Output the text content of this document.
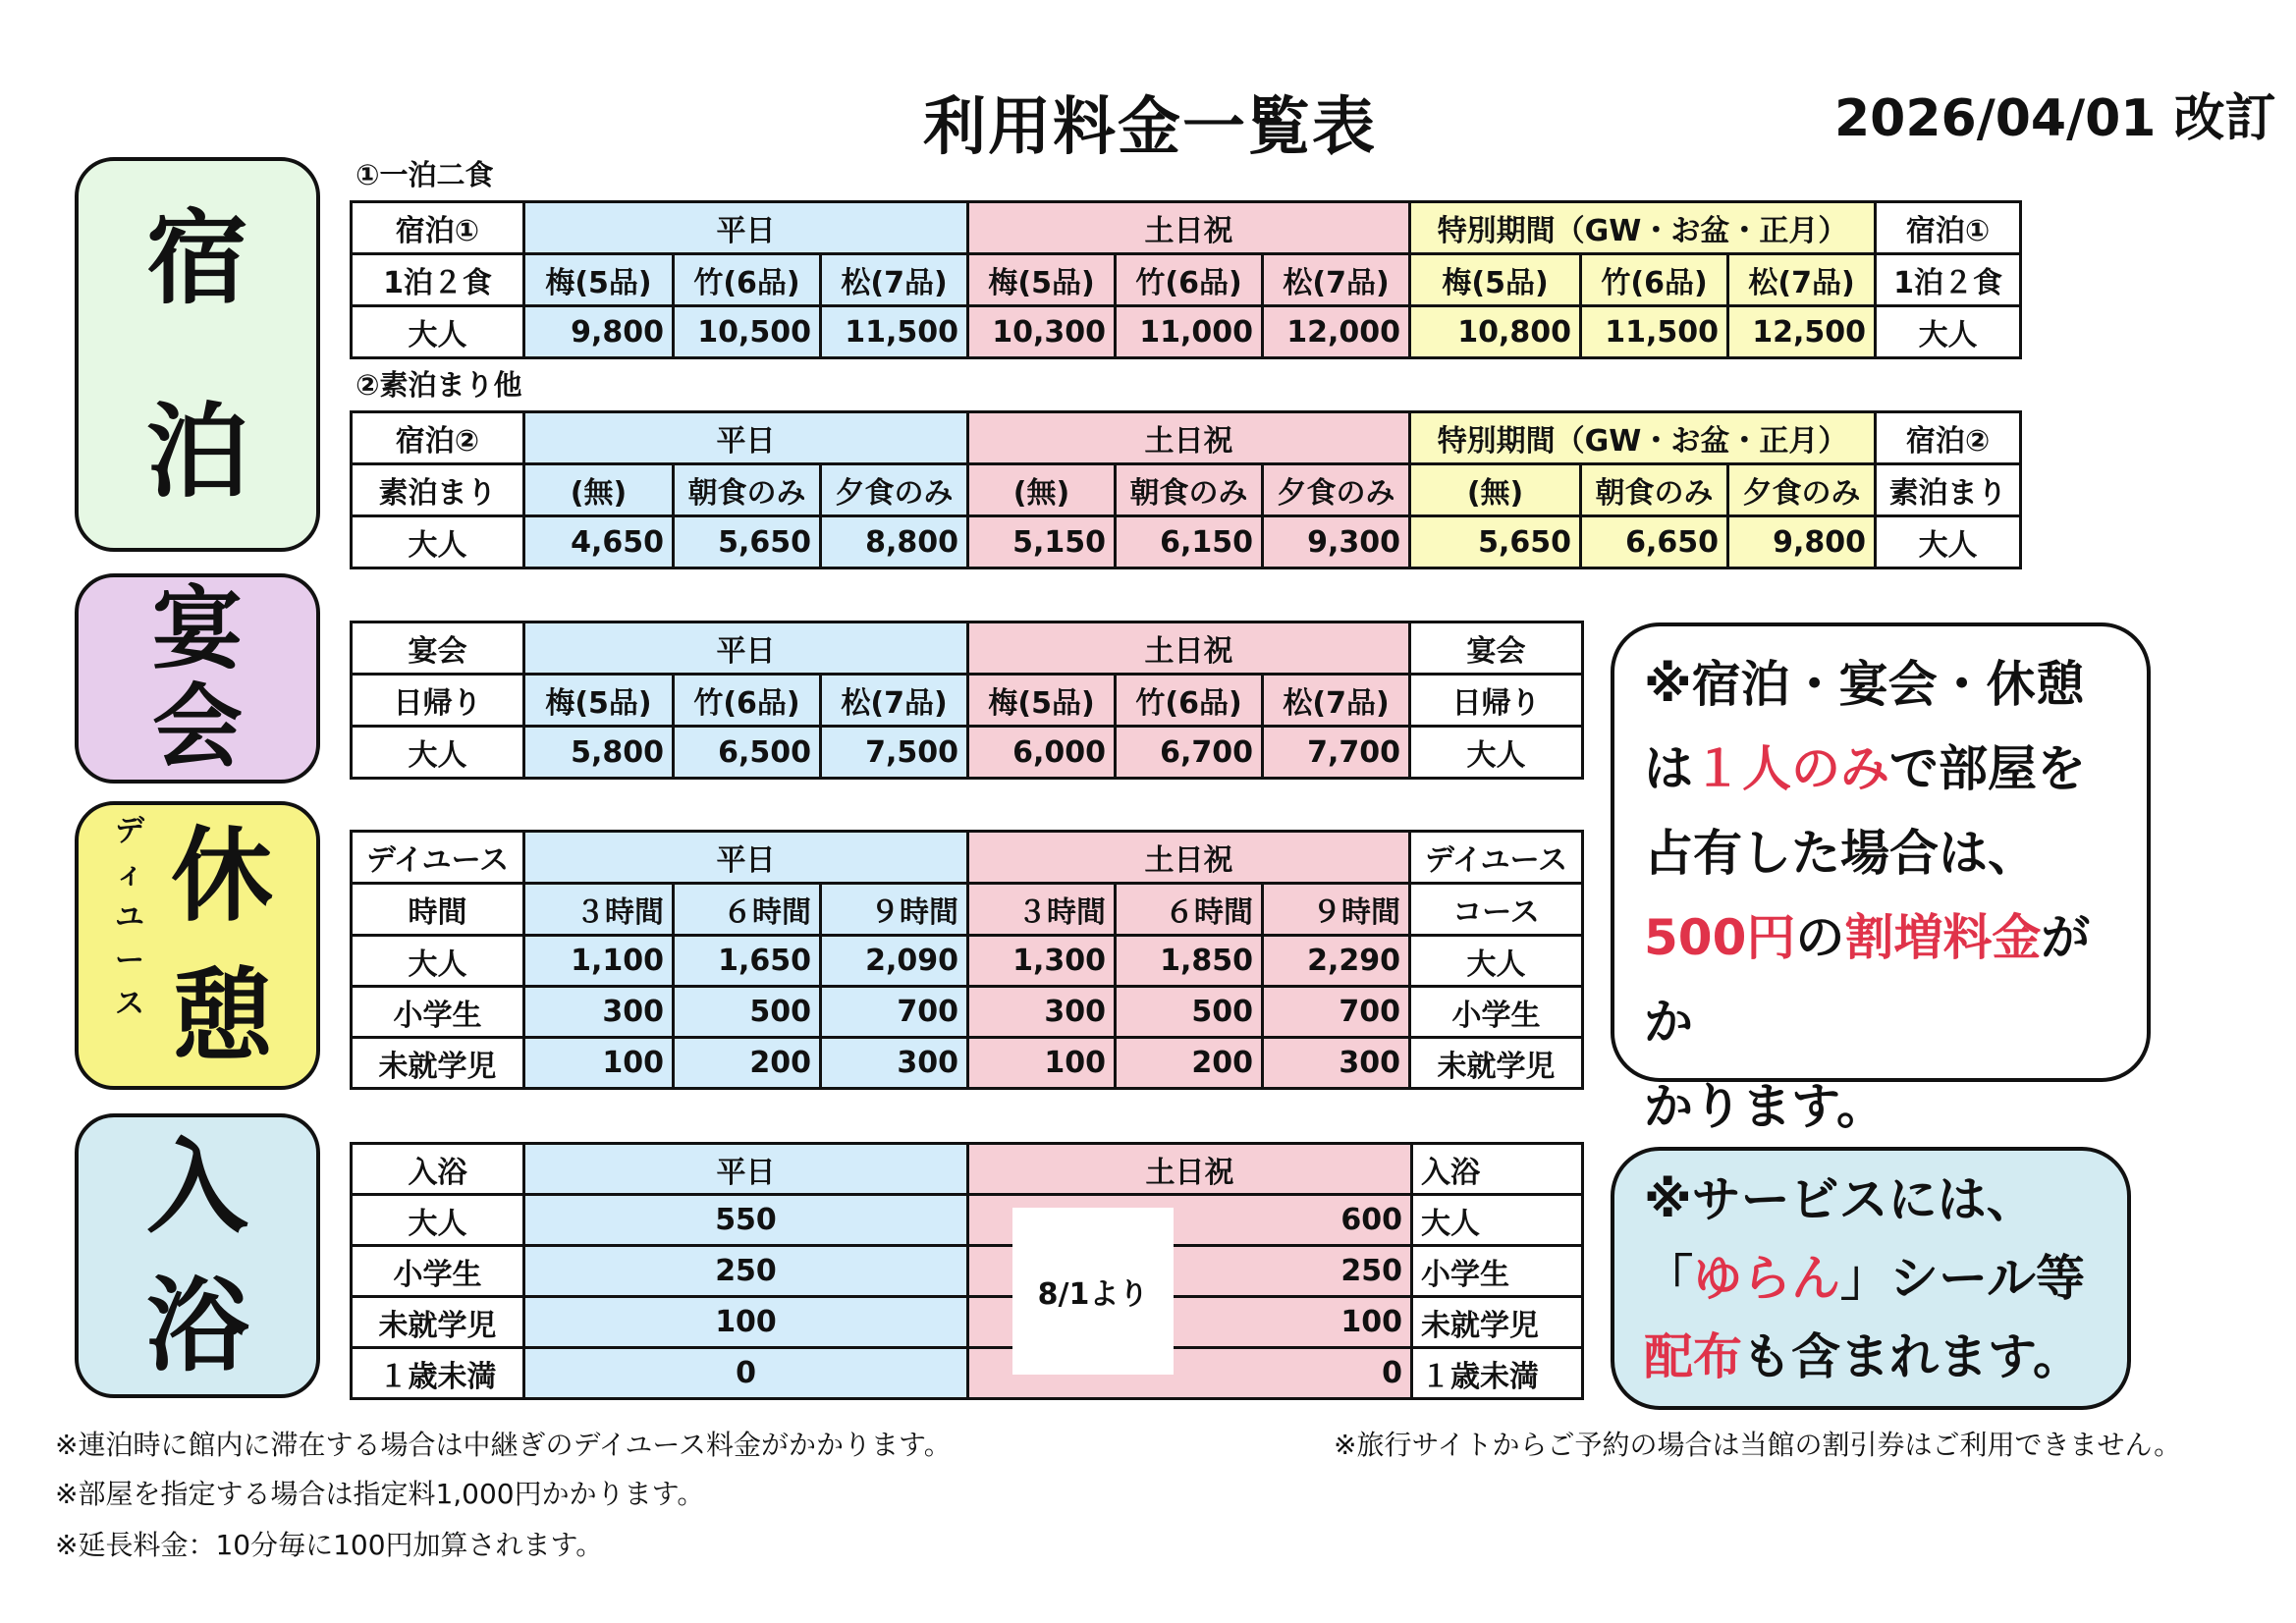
利用料金一覧表	2026/04/01 改訂
宿
泊
宴
会
休
憩
デ
ィ
ユ
ー
ス
入
浴
①一泊二食
宿泊①	平日			土日祝			特別期間（GW・お盆・正月）			宿泊①
1泊２食	梅(5品)	竹(6品)	松(7品)	梅(5品)	竹(6品)	松(7品)	梅(5品)	竹(6品)	松(7品)	1泊２食
大人	9,800	10,500	11,500	10,300	11,000	12,000	10,800	11,500	12,500	大人
②素泊まり他
宿泊②	平日			土日祝			特別期間（GW・お盆・正月）			宿泊②
素泊まり	(無)	朝食のみ	夕食のみ	(無)	朝食のみ	夕食のみ	(無)	朝食のみ	夕食のみ	素泊まり
大人	4,650	5,650	8,800	5,150	6,150	9,300	5,650	6,650	9,800	大人
宴会	平日			土日祝			宴会
日帰り	梅(5品)	竹(6品)	松(7品)	梅(5品)	竹(6品)	松(7品)	日帰り
大人	5,800	6,500	7,500	6,000	6,700	7,700	大人
デイユース	平日			土日祝			デイユース
時間	３時間	６時間	９時間	３時間	６時間	９時間	コース
大人	1,100	1,650	2,090	1,300	1,850	2,290	大人
小学生	300	500	700	300	500	700	小学生
未就学児	100	200	300	100	200	300	未就学児
入浴	平日	土日祝	入浴
大人	550	600	大人
小学生	250	250	小学生
未就学児	100	100	未就学児
１歳未満	0	0	１歳未満
8/1より
※宿泊・宴会・休憩
は１人のみで部屋を
占有した場合は、
500円の割増料金がか
かります。
※サービスには、
「ゆらん」シール等
配布も含まれます。
※連泊時に館内に滞在する場合は中継ぎのデイユース料金がかかります。
※部屋を指定する場合は指定料1,000円かかります。
※延長料金：10分毎に100円加算されます。
※旅行サイトからご予約の場合は当館の割引券はご利用できません。
